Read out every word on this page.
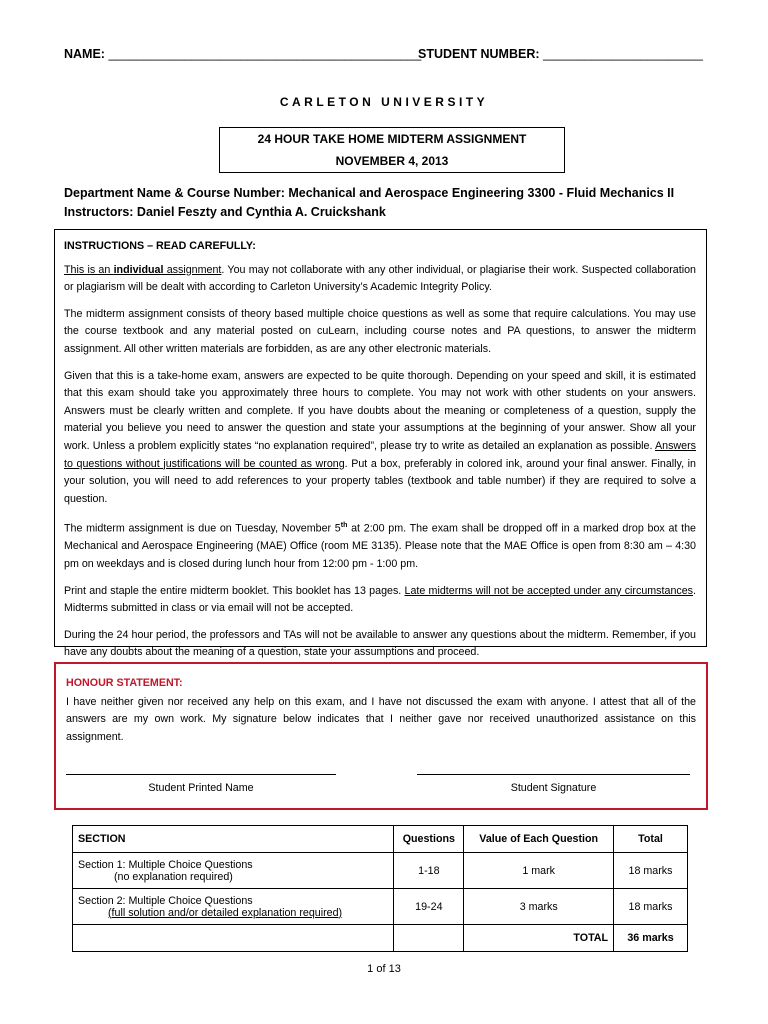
NAME: _____________________________________________
STUDENT NUMBER: _______________________
CARLETON UNIVERSITY
24 HOUR TAKE HOME MIDTERM ASSIGNMENT
NOVEMBER 4, 2013
Department Name & Course Number: Mechanical and Aerospace Engineering 3300 - Fluid Mechanics II
Instructors: Daniel Feszty and Cynthia A. Cruickshank

INSTRUCTIONS – READ CAREFULLY:

This is an individual assignment. You may not collaborate with any other individual, or plagiarise their work. Suspected collaboration or plagiarism will be dealt with according to Carleton University’s Academic Integrity Policy.

The midterm assignment consists of theory based multiple choice questions as well as some that require calculations. You may use the course textbook and any material posted on cuLearn, including course notes and PA questions, to answer the midterm assignment. All other written materials are forbidden, as are any other electronic materials.

Given that this is a take-home exam, answers are expected to be quite thorough. Depending on your speed and skill, it is estimated that this exam should take you approximately three hours to complete. You may not work with other students on your answers. Answers must be clearly written and complete. If you have doubts about the meaning or completeness of a question, supply the material you believe you need to answer the question and state your assumptions at the beginning of your answer. Show all your work. Unless a problem explicitly states “no explanation required”, please try to write as detailed an explanation as possible. Answers to questions without justifications will be counted as wrong. Put a box, preferably in colored ink, around your final answer. Finally, in your solution, you will need to add references to your property tables (textbook and table number) if they are required to solve a question.

The midterm assignment is due on Tuesday, November 5th at 2:00 pm. The exam shall be dropped off in a marked drop box at the Mechanical and Aerospace Engineering (MAE) Office (room ME 3135). Please note that the MAE Office is open from 8:30 am – 4:30 pm on weekdays and is closed during lunch hour from 12:00 pm - 1:00 pm.

Print and staple the entire midterm booklet. This booklet has 13 pages. Late midterms will not be accepted under any circumstances. Midterms submitted in class or via email will not be accepted.

During the 24 hour period, the professors and TAs will not be available to answer any questions about the midterm. Remember, if you have any doubts about the meaning of a question, state your assumptions and proceed.

HONOUR STATEMENT:

I have neither given nor received any help on this exam, and I have not discussed the exam with anyone. I attest that all of the answers are my own work. My signature below indicates that I neither gave nor received unauthorized assistance on this assignment.

Student Printed Name	Student Signature
SECTION	Questions	Value of Each Question	Total
Section 1: Multiple Choice Questions
(no explanation required)	1-18	1 mark	18 marks
Section 2: Multiple Choice Questions
(full solution and/or detailed explanation required)	19-24	3 marks	18 marks
		TOTAL	36 marks
1 of 13
